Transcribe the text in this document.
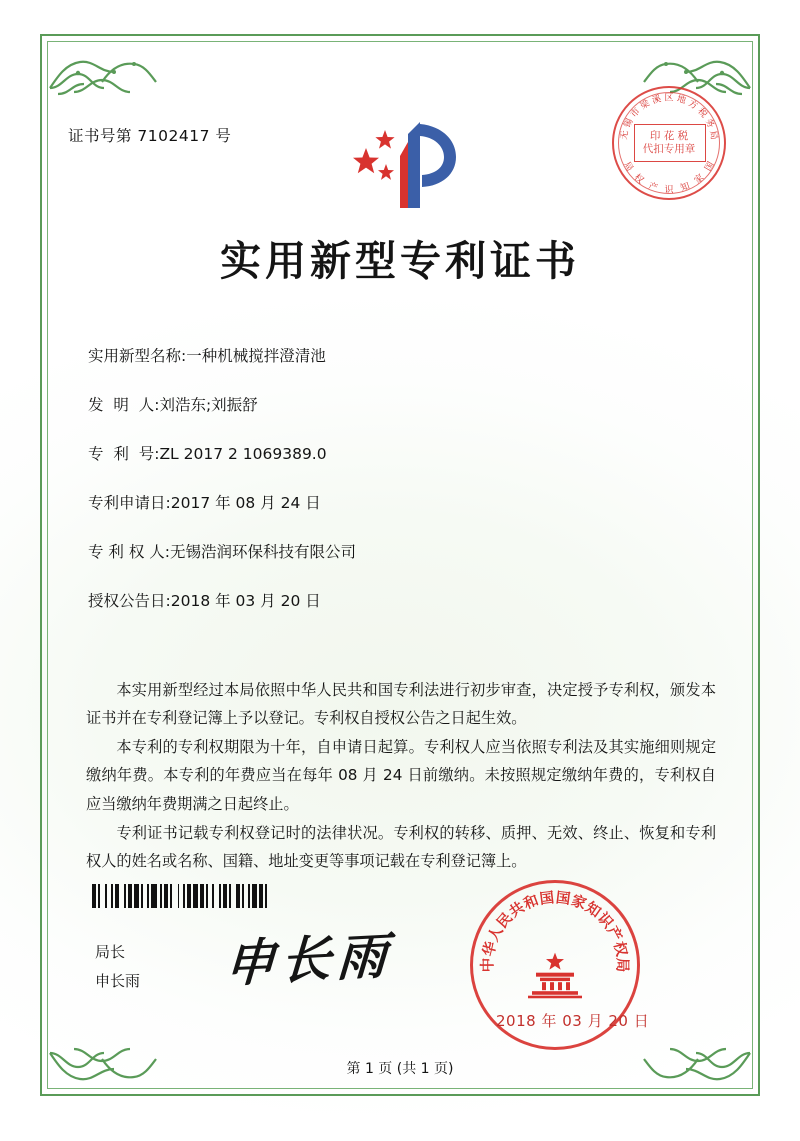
证书号第 7102417 号	无
锡
市
梁 溪 区 地 方
税
务
局
国
家
知
识
产
权
局
印 花 税
代扣专用章
实用新型专利证书
实用新型名称: 一种机械搅拌澄清池
发  明  人: 刘浩东;刘振舒
专  利  号: ZL 2017 2 1069389.0
专利申请日: 2017 年 08 月 24 日
专 利 权 人: 无锡浩润环保科技有限公司
授权公告日: 2018 年 03 月 20 日

本实用新型经过本局依照中华人民共和国专利法进行初步审查，决定授予专利权，颁发本证书并在专利登记簿上予以登记。专利权自授权公告之日起生效。

本专利的专利权期限为十年，自申请日起算。专利权人应当依照专利法及其实施细则规定缴纳年费。本专利的年费应当在每年 08 月 24 日前缴纳。未按照规定缴纳年费的，专利权自应当缴纳年费期满之日起终止。

专利证书记载专利权登记时的法律状况。专利权的转移、质押、无效、终止、恢复和专利权人的姓名或名称、国籍、地址变更等事项记载在专利登记簿上。

局长
申长雨 申长雨	中
华
人
民
共
和
国 国
家
知
识
产
权
局
2018 年 03 月 20 日
第 1 页 (共 1 页)
